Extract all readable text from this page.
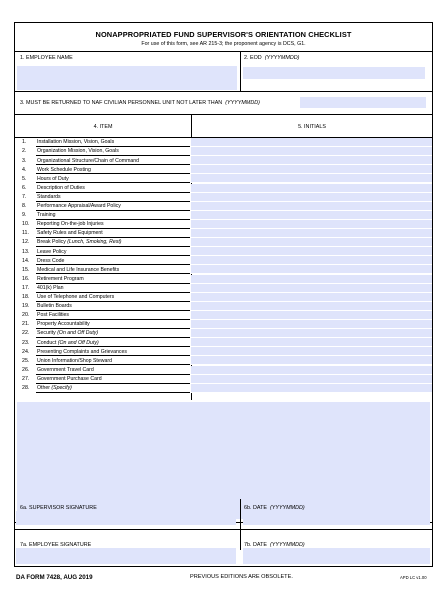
NONAPPROPRIATED FUND SUPERVISOR'S ORIENTATION CHECKLIST
For use of this form, see AR 215-3; the proponent agency is DCS, G1.
1. EMPLOYEE NAME	2. EOD (YYYYMMDD)
3. MUST BE RETURNED TO NAF CIVILIAN PERSONNEL UNIT NOT LATER THAN (YYYYMMDD)
4. ITEM	5. INITIALS
1. Installation Mission, Vision, Goals
2. Organization Mission, Vision, Goals
3. Organizational Structure/Chain of Command
4. Work Schedule Posting
5. Hours of Duty
6. Description of Duties
7. Standards
8. Performance Appraisal/Award Policy
9. Training
10. Reporting On-the-job Injuries
11. Safety Rules and Equipment
12. Break Policy (Lunch, Smoking, Rest)
13. Leave Policy
14. Dress Code
15. Medical and Life Insurance Benefits
16. Retirement Program
17. 401(k) Plan
18. Use of Telephone and Computers
19. Bulletin Boards
20. Post Facilities
21. Property Accountability
22. Security (On and Off Duty)
23. Conduct (On and Off Duty)
24. Presenting Complaints and Grievances
25. Union Information/Shop Steward
26. Government Travel Card
27. Government Purchase Card
28. Other (Specify)
6a. SUPERVISOR SIGNATURE	6b. DATE (YYYYMMDD)
7a. EMPLOYEE SIGNATURE	7b. DATE (YYYYMMDD)
DA FORM 7428, AUG 2019	PREVIOUS EDITIONS ARE OBSOLETE.	APD LC v1.00
